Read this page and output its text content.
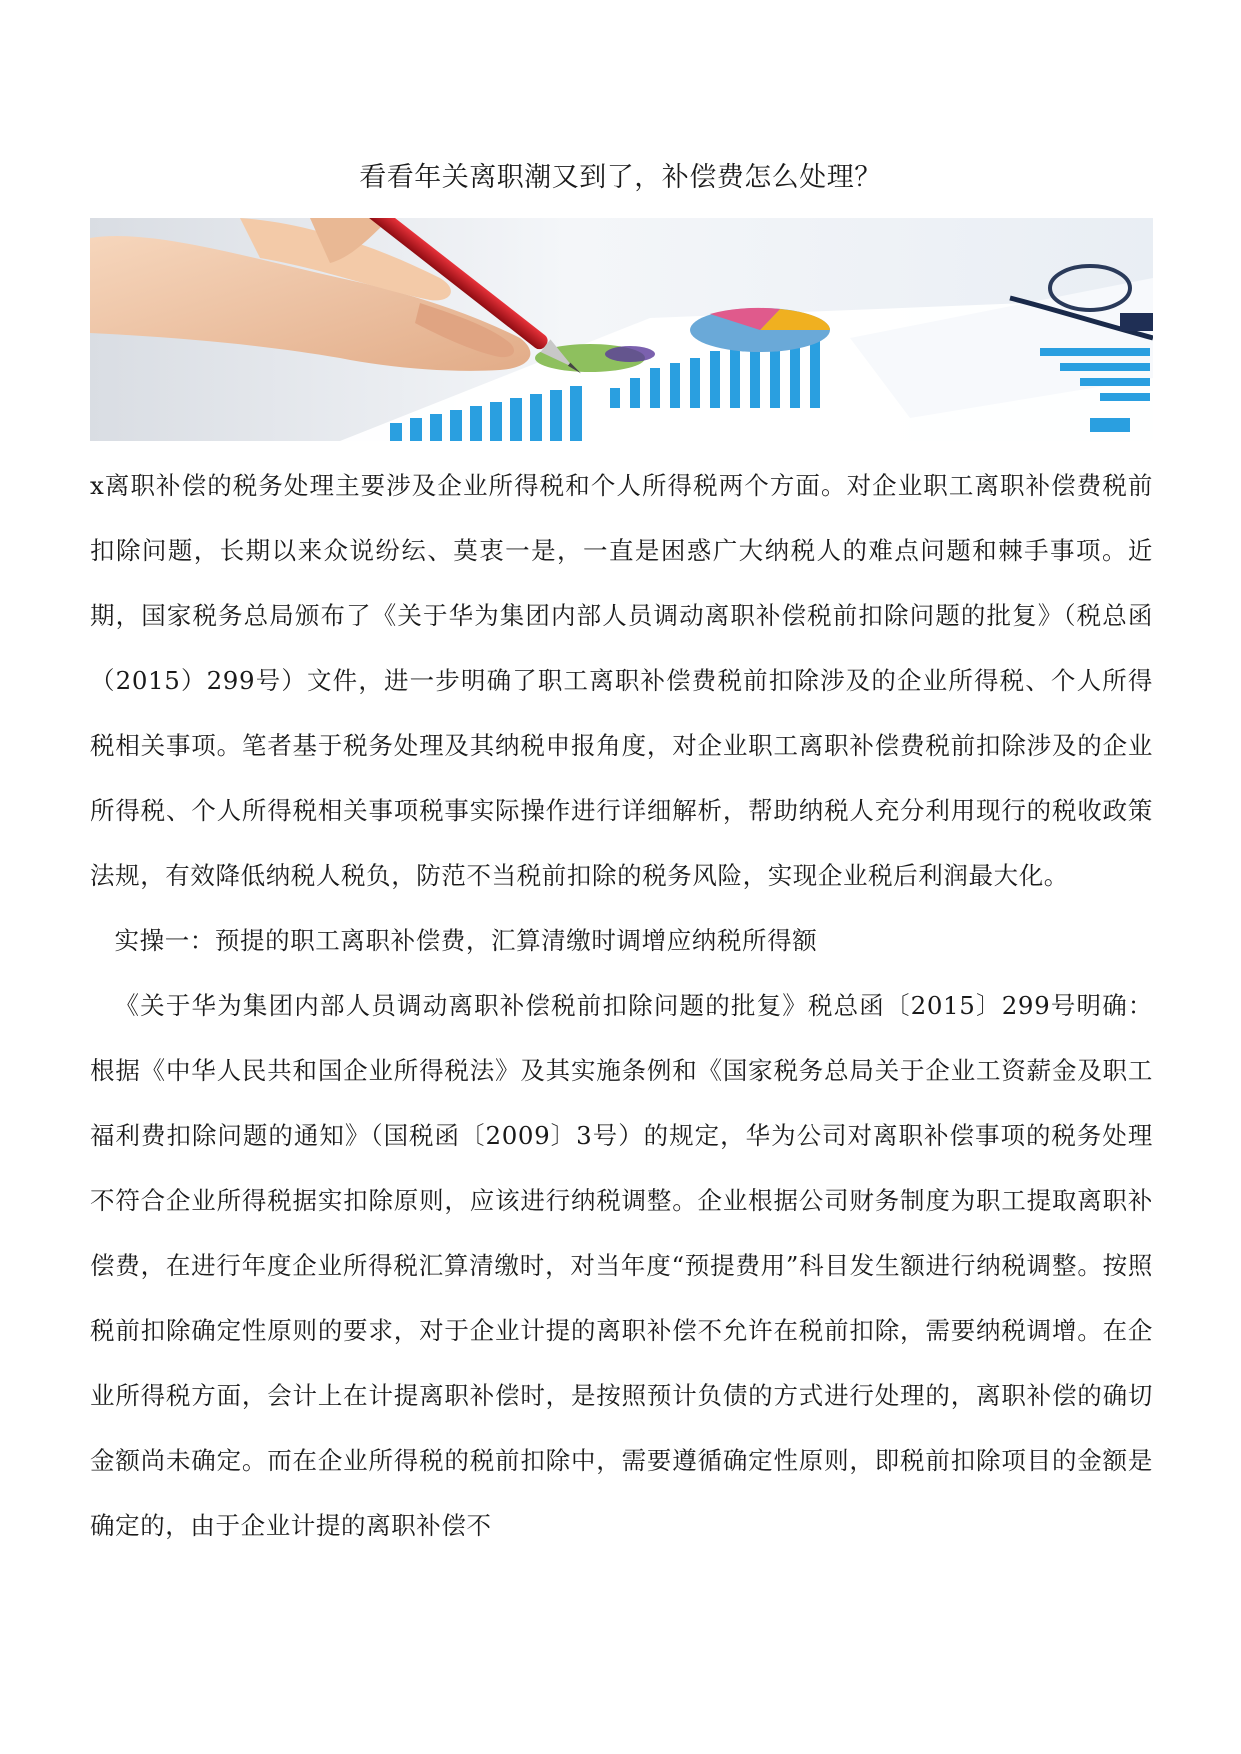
看看年关离职潮又到了，补偿费怎么处理？

x离职补偿的税务处理主要涉及企业所得税和个人所得税两个方面。对企业职工离职补偿费税前扣除问题，长期以来众说纷纭、莫衷一是，一直是困惑广大纳税人的难点问题和棘手事项。近期，国家税务总局颁布了《关于华为集团内部人员调动离职补偿税前扣除问题的批复》（税总函（2015）299号）文件，进一步明确了职工离职补偿费税前扣除涉及的企业所得税、个人所得税相关事项。笔者基于税务处理及其纳税申报角度，对企业职工离职补偿费税前扣除涉及的企业所得税、个人所得税相关事项税事实际操作进行详细解析，帮助纳税人充分利用现行的税收政策法规，有效降低纳税人税负，防范不当税前扣除的税务风险，实现企业税后利润最大化。

实操一：预提的职工离职补偿费，汇算清缴时调增应纳税所得额

《关于华为集团内部人员调动离职补偿税前扣除问题的批复》税总函〔2015〕299号明确：根据《中华人民共和国企业所得税法》及其实施条例和《国家税务总局关于企业工资薪金及职工福利费扣除问题的通知》（国税函〔2009〕3号）的规定，华为公司对离职补偿事项的税务处理不符合企业所得税据实扣除原则，应该进行纳税调整。企业根据公司财务制度为职工提取离职补偿费，在进行年度企业所得税汇算清缴时，对当年度“预提费用”科目发生额进行纳税调整。按照税前扣除确定性原则的要求，对于企业计提的离职补偿不允许在税前扣除，需要纳税调增。在企业所得税方面，会计上在计提离职补偿时，是按照预计负债的方式进行处理的，离职补偿的确切金额尚未确定。而在企业所得税的税前扣除中，需要遵循确定性原则，即税前扣除项目的金额是确定的，由于企业计提的离职补偿不
